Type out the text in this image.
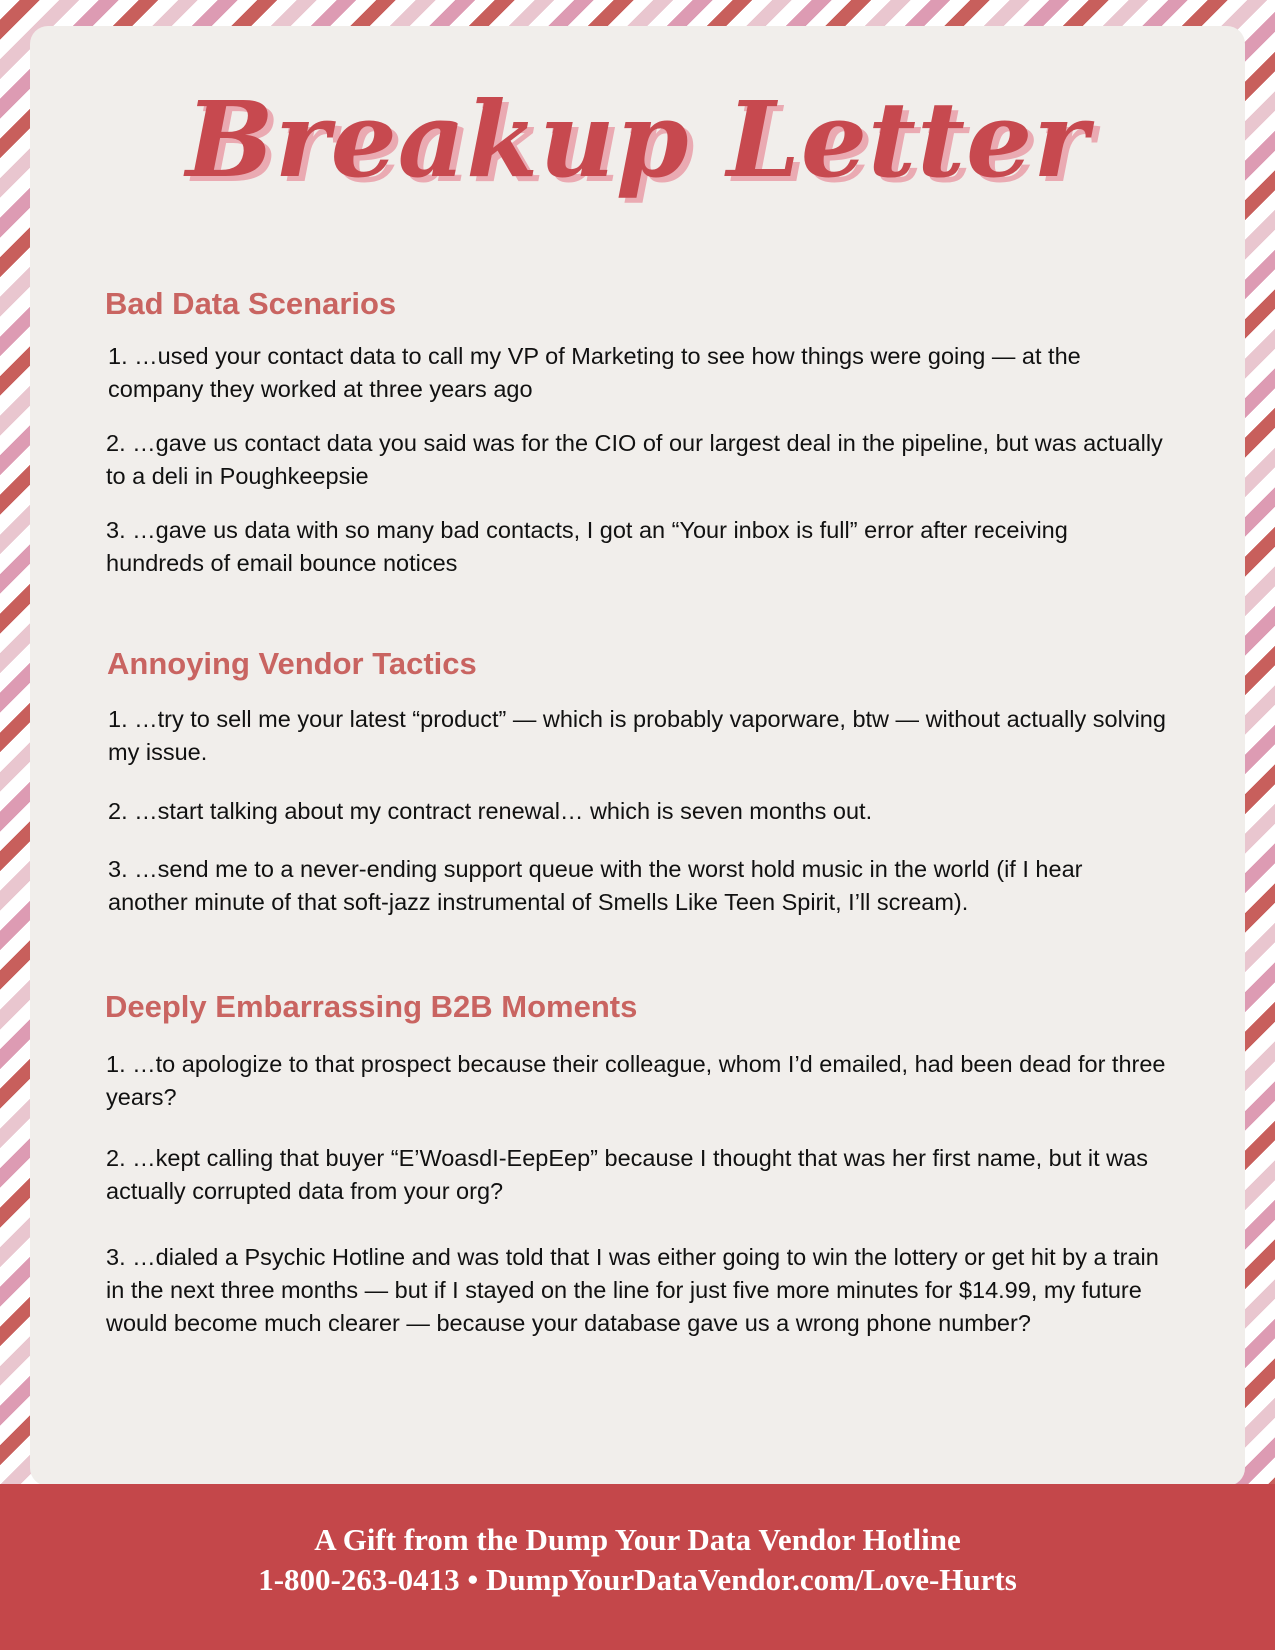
Breakup Letter
Bad Data Scenarios

1. …used your contact data to call my VP of Marketing to see how things were going — at the company they worked at three years ago

2. …gave us contact data you said was for the CIO of our largest deal in the pipeline, but was actually to a deli in Poughkeepsie

3. …gave us data with so many bad contacts, I got an “Your inbox is full” error after receiving hundreds of email bounce notices

Annoying Vendor Tactics

1. …try to sell me your latest “product” — which is probably vaporware, btw — without actually solving my issue.

2. …start talking about my contract renewal… which is seven months out.

3. …send me to a never-ending support queue with the worst hold music in the world (if I hear another minute of that soft-jazz instrumental of Smells Like Teen Spirit, I’ll scream).

Deeply Embarrassing B2B Moments

1. …to apologize to that prospect because their colleague, whom I’d emailed, had been dead for three years?

2. …kept calling that buyer “E’WoasdI-EepEep” because I thought that was her first name, but it was actually corrupted data from your org?

3. …dialed a Psychic Hotline and was told that I was either going to win the lottery or get hit by a train in the next three months — but if I stayed on the line for just five more minutes for $14.99, my future would become much clearer — because your database gave us a wrong phone number?

A Gift from the Dump Your Data Vendor Hotline
1-800-263-0413 • DumpYourDataVendor.com/Love-Hurts
